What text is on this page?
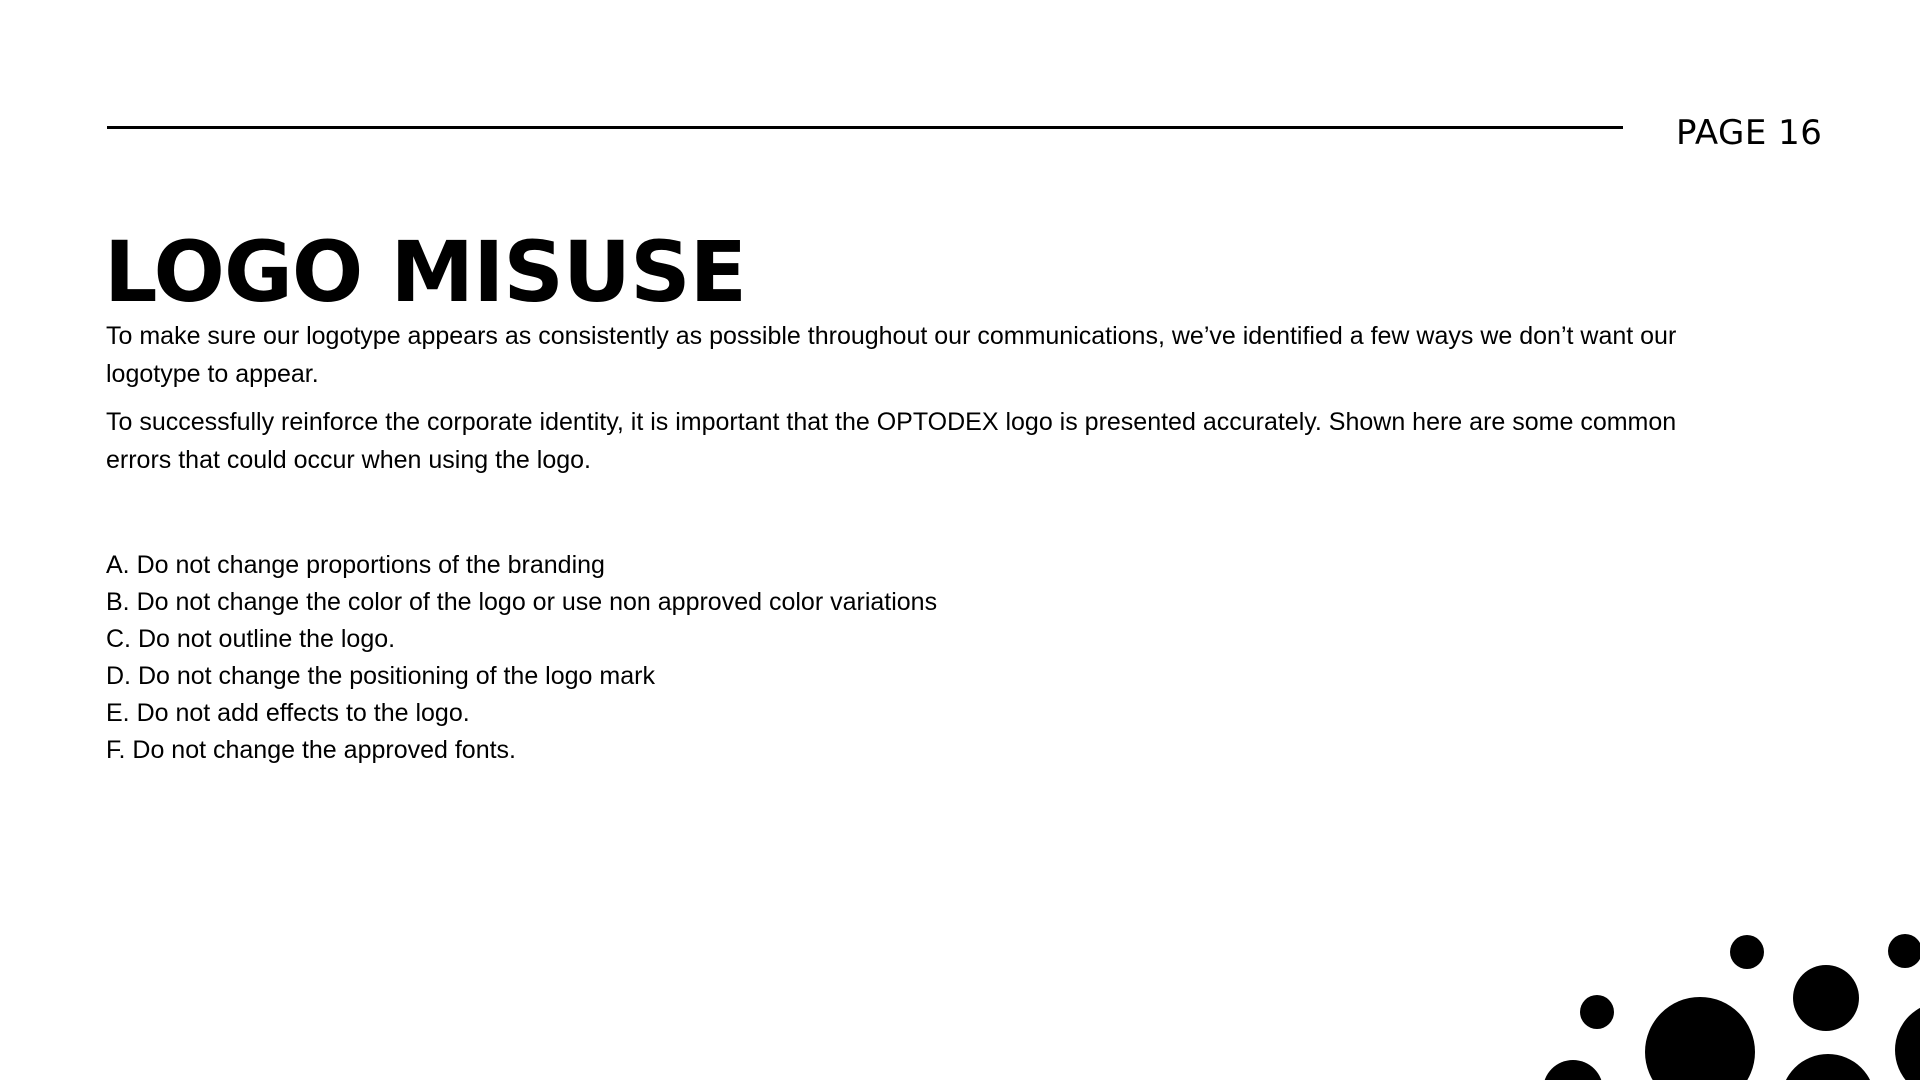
PAGE 16
LOGO MISUSE

To make sure our logotype appears as consistently as possible throughout our communications, we’ve identified a few ways we don’t want our logotype to appear.

To successfully reinforce the corporate identity, it is important that the OPTODEX logo is presented accurately. Shown here are some common errors that could occur when using the logo.

A. Do not change proportions of the branding
B. Do not change the color of the logo or use non approved color variations
C. Do not outline the logo.
D. Do not change the positioning of the logo mark
E. Do not add effects to the logo.
F. Do not change the approved fonts.
